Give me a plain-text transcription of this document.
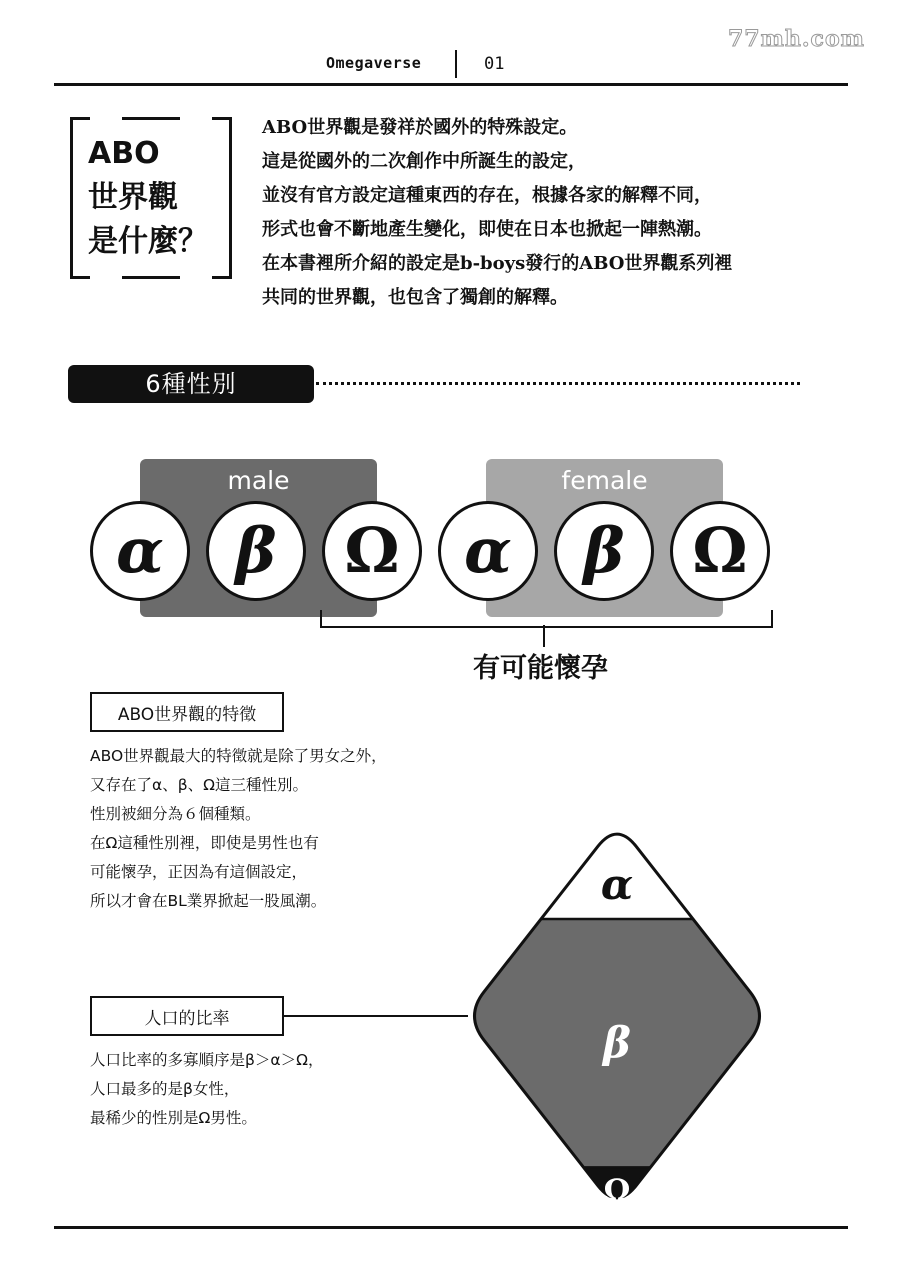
77mh.com
Omegaverse	01
ABO
世界觀
是什麼？
ABO世界觀是發祥於國外的特殊設定。
這是從國外的二次創作中所誕生的設定，
並沒有官方設定這種東西的存在，根據各家的解釋不同，
形式也會不斷地產生變化，即使在日本也掀起一陣熱潮。
在本書裡所介紹的設定是b-boys發行的ABO世界觀系列裡
共同的世界觀，也包含了獨創的解釋。
6種性別
male	female
α	β	Ω	α	β	Ω
有可能懷孕
ABO世界觀的特徵
ABO世界觀最大的特徵就是除了男女之外，
又存在了α、β、Ω這三種性別。
性別被細分為６個種類。
在Ω這種性別裡，即使是男性也有
可能懷孕，正因為有這個設定，
所以才會在BL業界掀起一股風潮。
人口的比率
人口比率的多寡順序是β＞α＞Ω，
人口最多的是β女性，
最稀少的性別是Ω男性。
α
β
Ω
